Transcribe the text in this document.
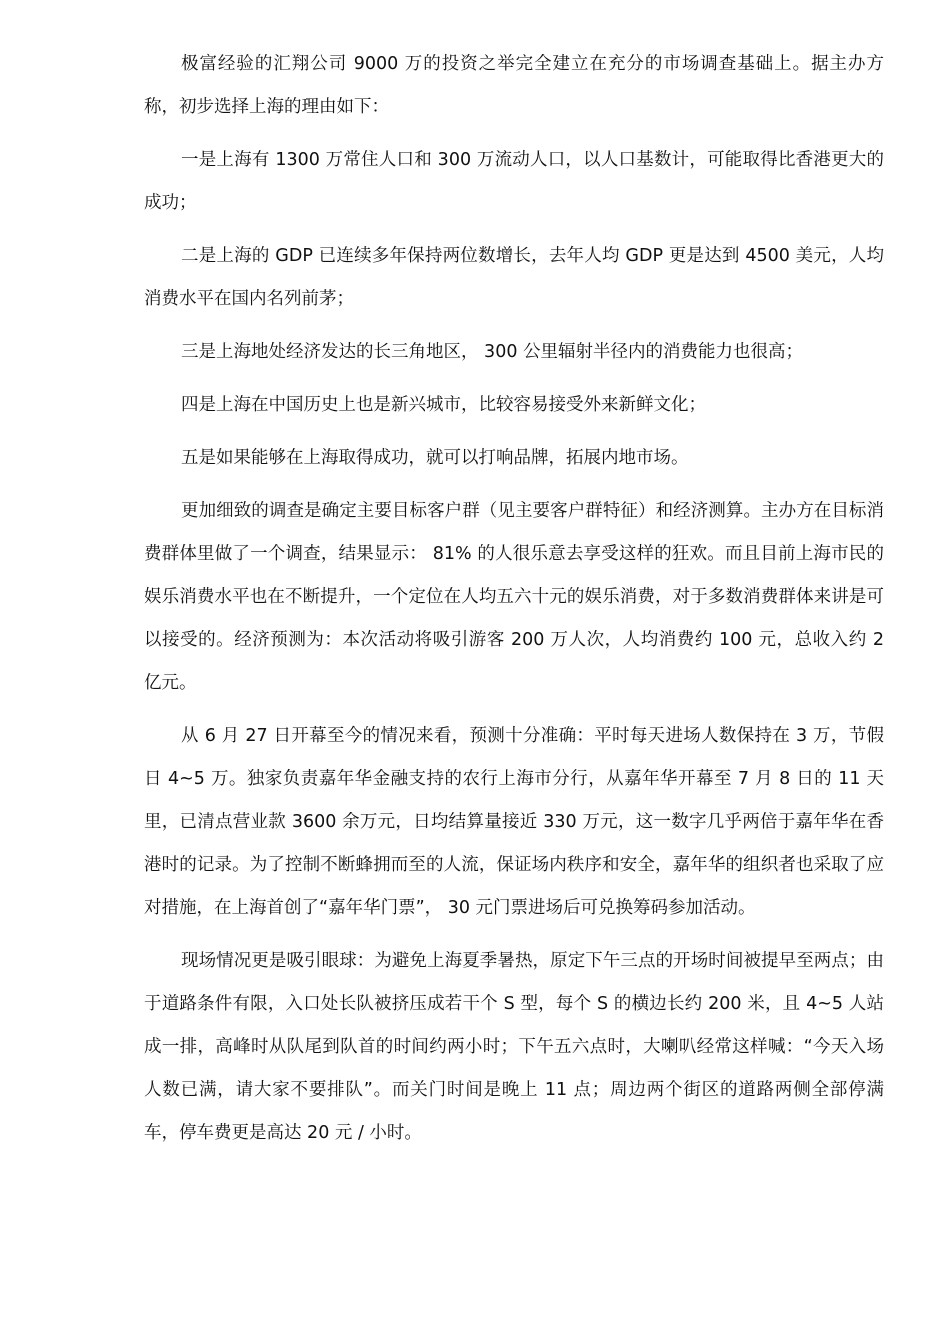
极富经验的汇翔公司 9000 万的投资之举完全建立在充分的市场调查基础上。据主办方称，初步选择上海的理由如下：

一是上海有 1300 万常住人口和 300 万流动人口，以人口基数计，可能取得比香港更大的成功；

二是上海的 GDP 已连续多年保持两位数增长，去年人均 GDP 更是达到 4500 美元，人均消费水平在国内名列前茅；

三是上海地处经济发达的长三角地区， 300 公里辐射半径内的消费能力也很高；

四是上海在中国历史上也是新兴城市，比较容易接受外来新鲜文化；

五是如果能够在上海取得成功，就可以打响品牌，拓展内地市场。

更加细致的调查是确定主要目标客户群（见主要客户群特征）和经济测算。主办方在目标消费群体里做了一个调查，结果显示： 81% 的人很乐意去享受这样的狂欢。而且目前上海市民的娱乐消费水平也在不断提升，一个定位在人均五六十元的娱乐消费，对于多数消费群体来讲是可以接受的。经济预测为：本次活动将吸引游客 200 万人次，人均消费约 100 元，总收入约 2 亿元。

从 6 月 27 日开幕至今的情况来看，预测十分准确：平时每天进场人数保持在 3 万，节假日 4~5 万。独家负责嘉年华金融支持的农行上海市分行，从嘉年华开幕至 7 月 8 日的 11 天里，已清点营业款 3600 余万元，日均结算量接近 330 万元，这一数字几乎两倍于嘉年华在香港时的记录。为了控制不断蜂拥而至的人流，保证场内秩序和安全，嘉年华的组织者也采取了应对措施，在上海首创了“嘉年华门票”， 30 元门票进场后可兑换筹码参加活动。

现场情况更是吸引眼球：为避免上海夏季暑热，原定下午三点的开场时间被提早至两点；由于道路条件有限，入口处长队被挤压成若干个 S 型，每个 S 的横边长约 200 米，且 4~5 人站成一排，高峰时从队尾到队首的时间约两小时；下午五六点时，大喇叭经常这样喊：“今天入场人数已满，请大家不要排队”。而关门时间是晚上 11 点；周边两个街区的道路两侧全部停满车，停车费更是高达 20 元 / 小时。
